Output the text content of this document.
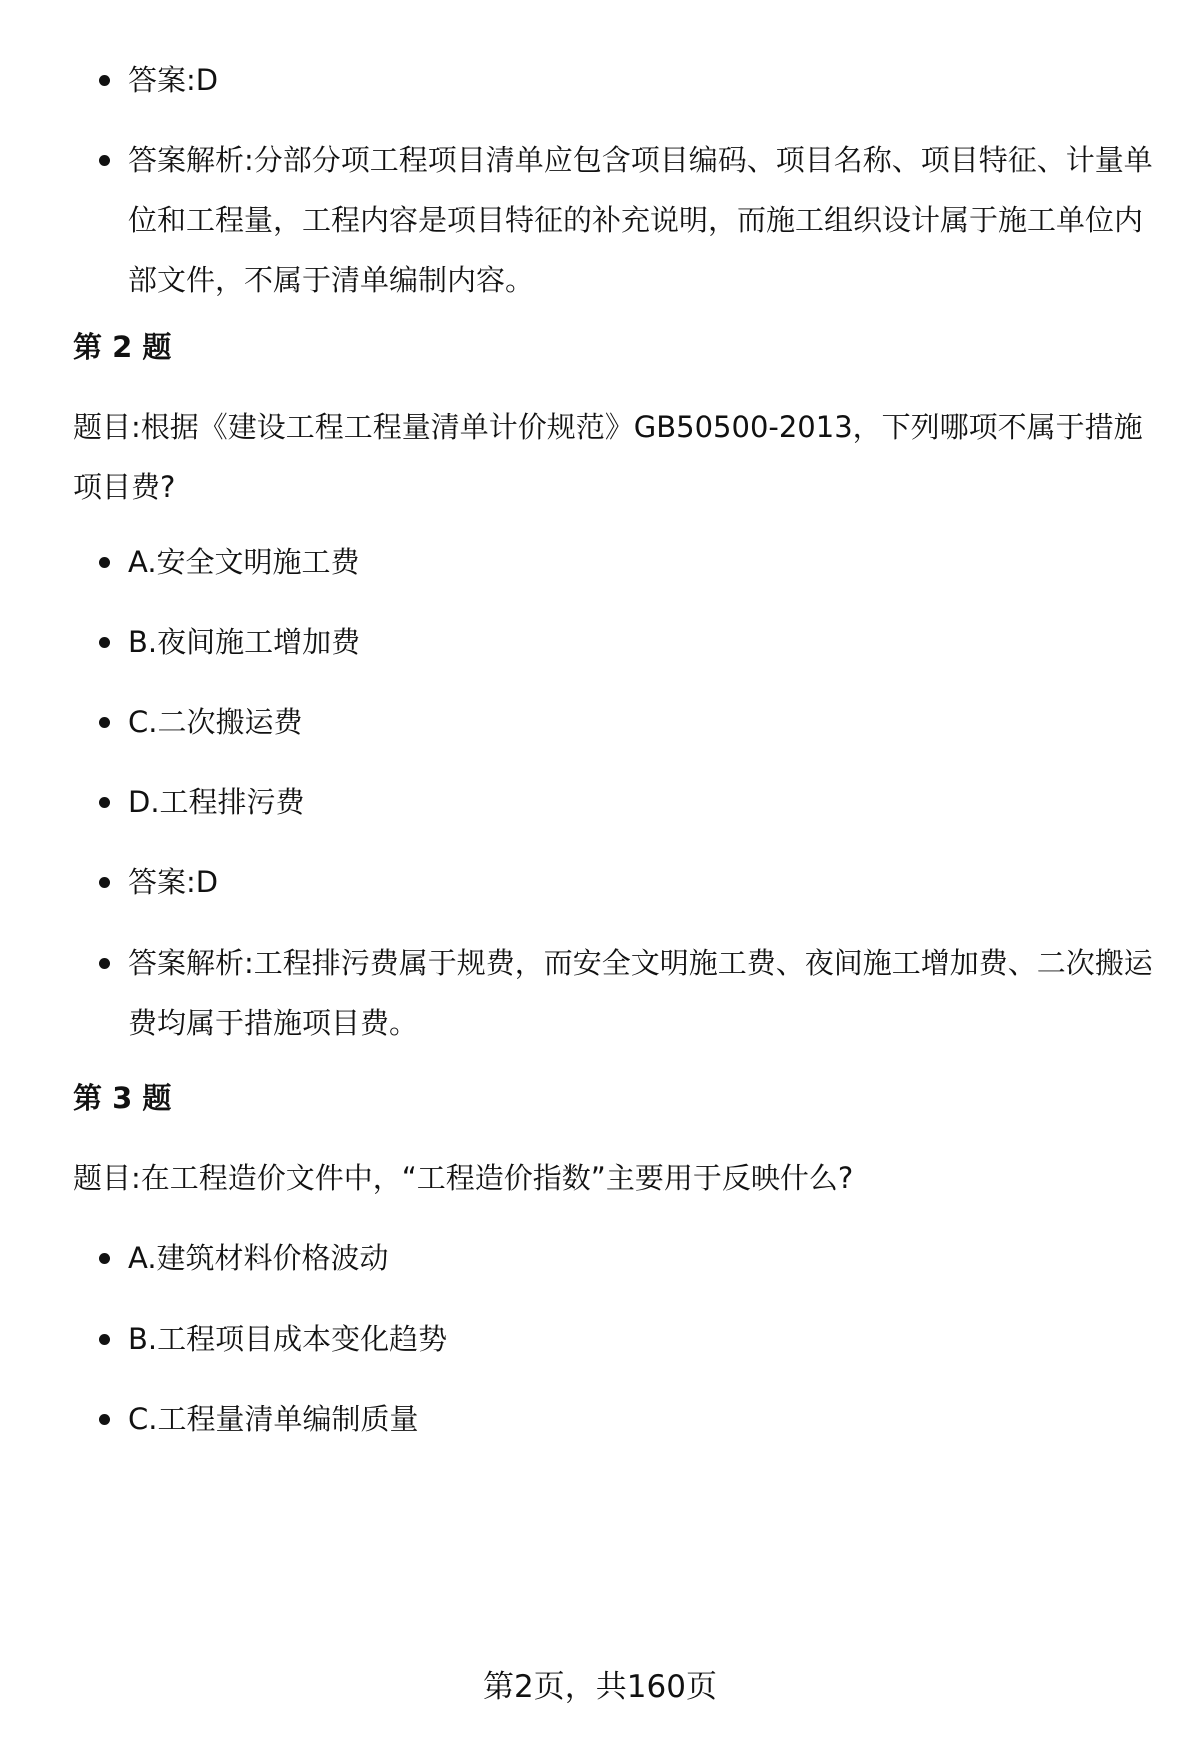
答案:D

答案解析:分部分项工程项目清单应包含项目编码、项目名称、项目特征、计量单位和工程量，工程内容是项目特征的补充说明，而施工组织设计属于施工单位内部文件，不属于清单编制内容。

第 2 题

题目:根据《建设工程工程量清单计价规范》GB50500-2013，下列哪项不属于措施项目费?

A.安全文明施工费

B.夜间施工增加费

C.二次搬运费

D.工程排污费

答案:D

答案解析:工程排污费属于规费，而安全文明施工费、夜间施工增加费、二次搬运费均属于措施项目费。

第 3 题

题目:在工程造价文件中，“工程造价指数”主要用于反映什么?

A.建筑材料价格波动

B.工程项目成本变化趋势

C.工程量清单编制质量

第2页，共160页
